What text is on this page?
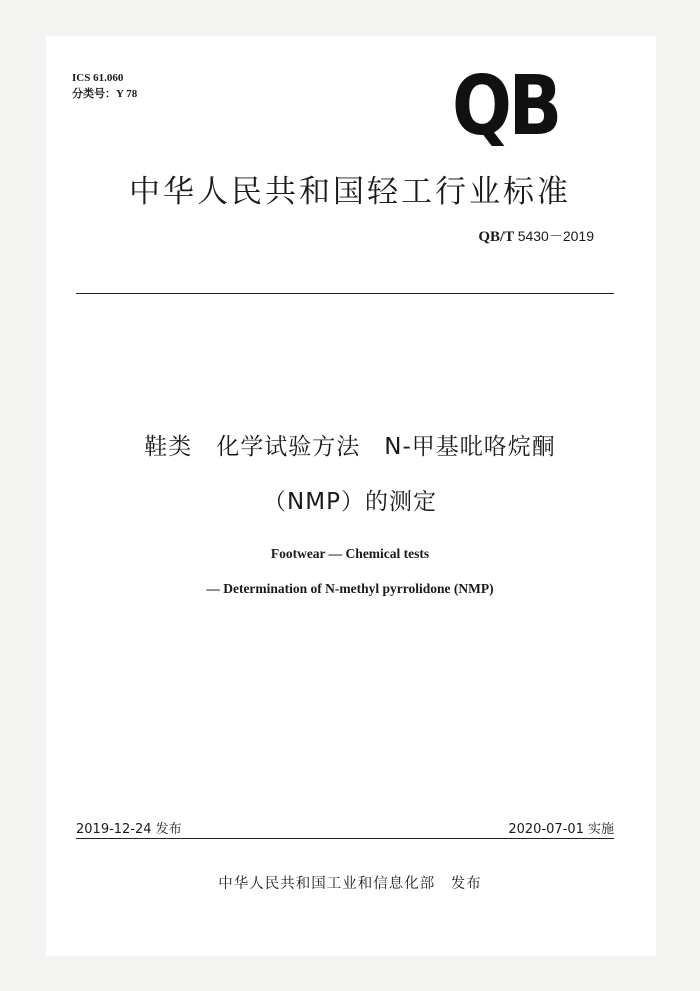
ICS 61.060
分类号：Y 78	QB
中华人民共和国轻工行业标准
QB/T 5430－2019
鞋类　化学试验方法　N-甲基吡咯烷酮
（NMP）的测定
Footwear — Chemical tests
— Determination of N-methyl pyrrolidone (NMP)
2019-12-24 发布	2020-07-01 实施
中华人民共和国工业和信息化部　发布
